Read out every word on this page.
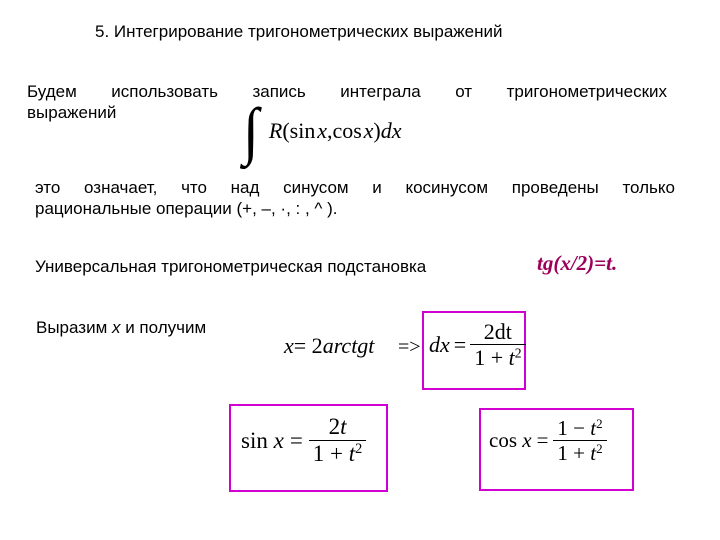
5. Интегрирование тригонометрических выражений
Будем использовать запись интеграла от тригонометрических
выражений	∫ R(sin x,cos x)dx
это означает, что над синусом и косинусом проведены только
рациональные операции (+, –, ·, : , ^ ).
Универсальная тригонометрическая подстановка	tg(x/2)=t.
Выразим x и получим
x = 2 arctgt => dx = $\frac{2dt}{1 + t^2}$
sin
$x = \frac{2t}{1 + t^2}$	cos
$x = \frac{1 - t^2}{1 + t^2}$
